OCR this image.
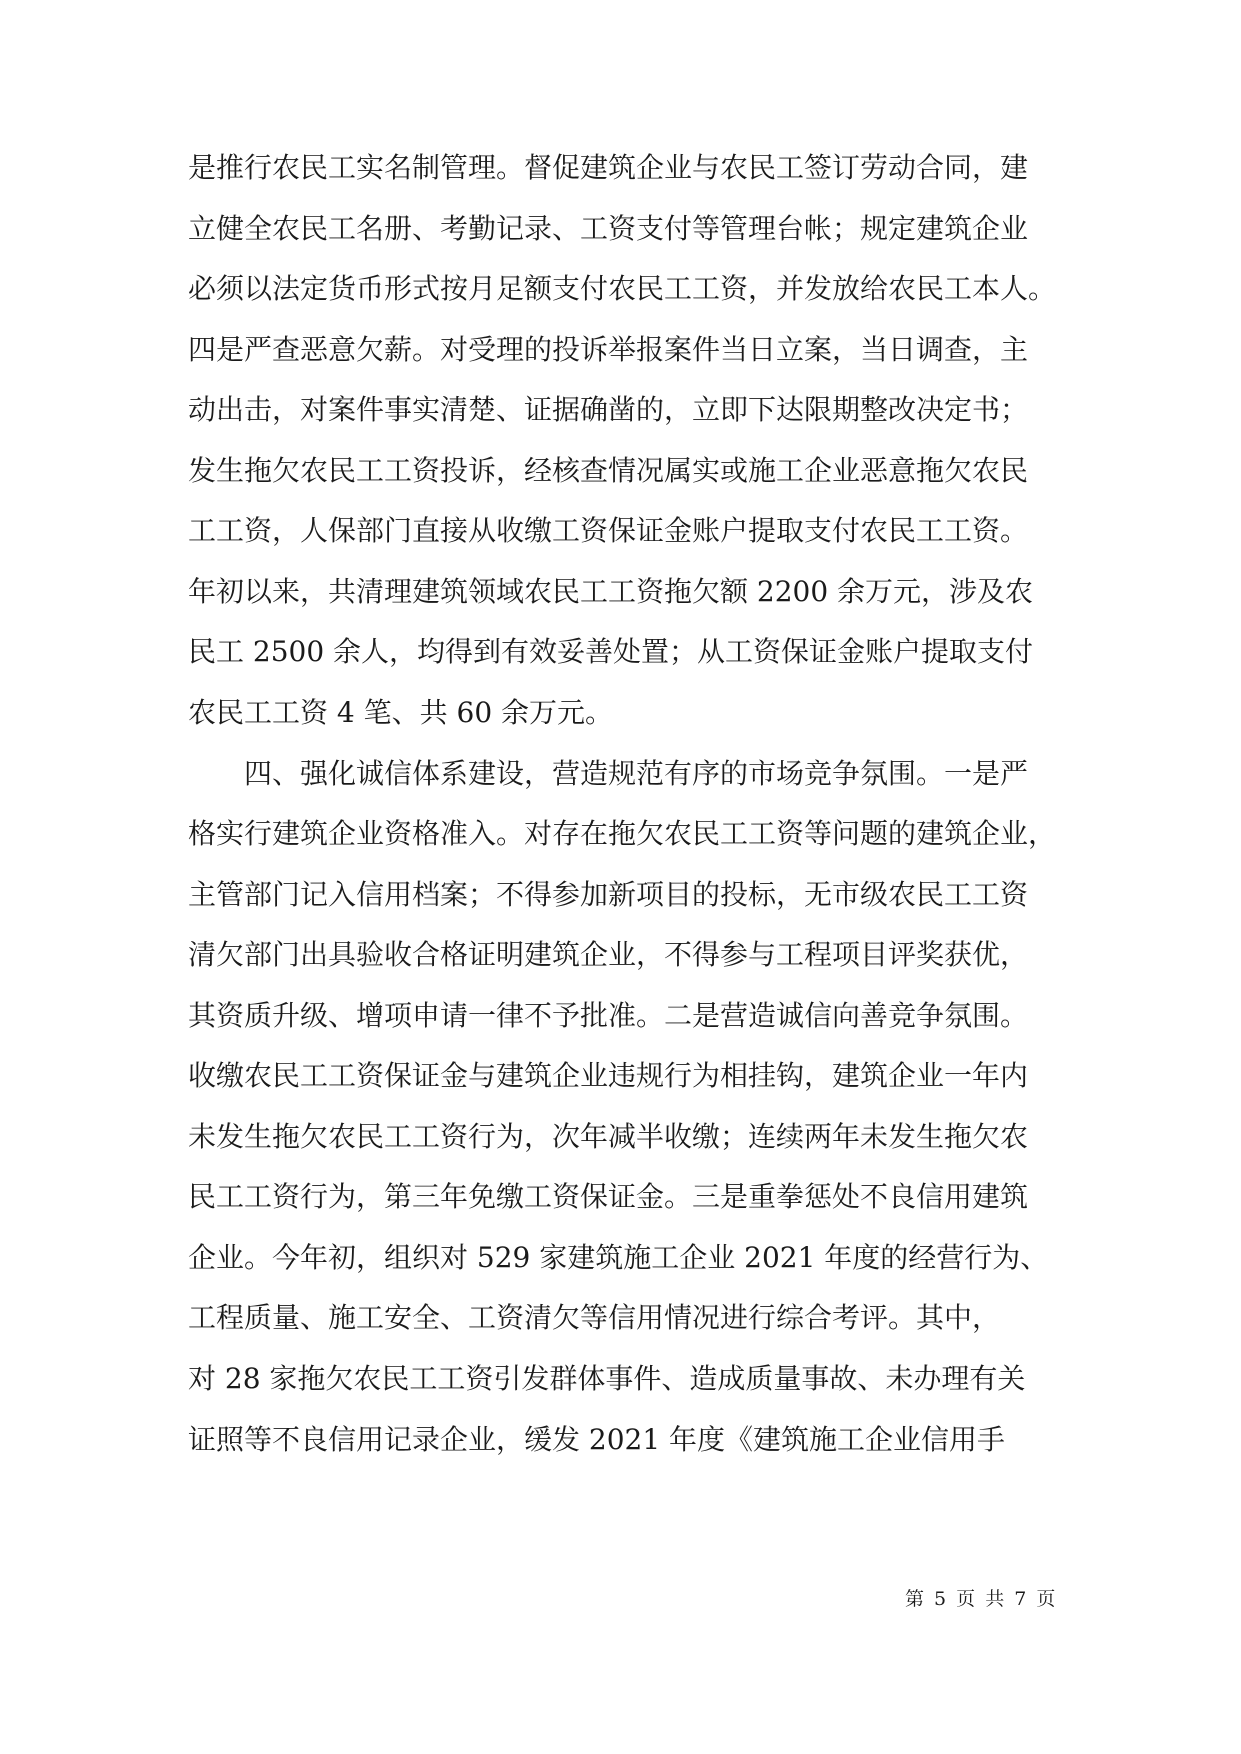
是推行农民工实名制管理。督促建筑企业与农民工签订劳动合同，建
立健全农民工名册、考勤记录、工资支付等管理台帐；规定建筑企业
必须以法定货币形式按月足额支付农民工工资，并发放给农民工本人。
四是严查恶意欠薪。对受理的投诉举报案件当日立案，当日调查，主
动出击，对案件事实清楚、证据确凿的，立即下达限期整改决定书；
发生拖欠农民工工资投诉，经核查情况属实或施工企业恶意拖欠农民
工工资，人保部门直接从收缴工资保证金账户提取支付农民工工资。
年初以来，共清理建筑领域农民工工资拖欠额 2200 余万元，涉及农
民工 2500 余人，均得到有效妥善处置；从工资保证金账户提取支付
农民工工资 4 笔、共 60 余万元。
四、强化诚信体系建设，营造规范有序的市场竞争氛围。一是严
格实行建筑企业资格准入。对存在拖欠农民工工资等问题的建筑企业，
主管部门记入信用档案；不得参加新项目的投标，无市级农民工工资
清欠部门出具验收合格证明建筑企业，不得参与工程项目评奖获优，
其资质升级、增项申请一律不予批准。二是营造诚信向善竞争氛围。
收缴农民工工资保证金与建筑企业违规行为相挂钩，建筑企业一年内
未发生拖欠农民工工资行为，次年减半收缴；连续两年未发生拖欠农
民工工资行为，第三年免缴工资保证金。三是重拳惩处不良信用建筑
企业。今年初，组织对 529 家建筑施工企业 2021 年度的经营行为、
工程质量、施工安全、工资清欠等信用情况进行综合考评。其中，
对 28 家拖欠农民工工资引发群体事件、造成质量事故、未办理有关
证照等不良信用记录企业，缓发 2021 年度《建筑施工企业信用手
第 5 页 共 7 页
